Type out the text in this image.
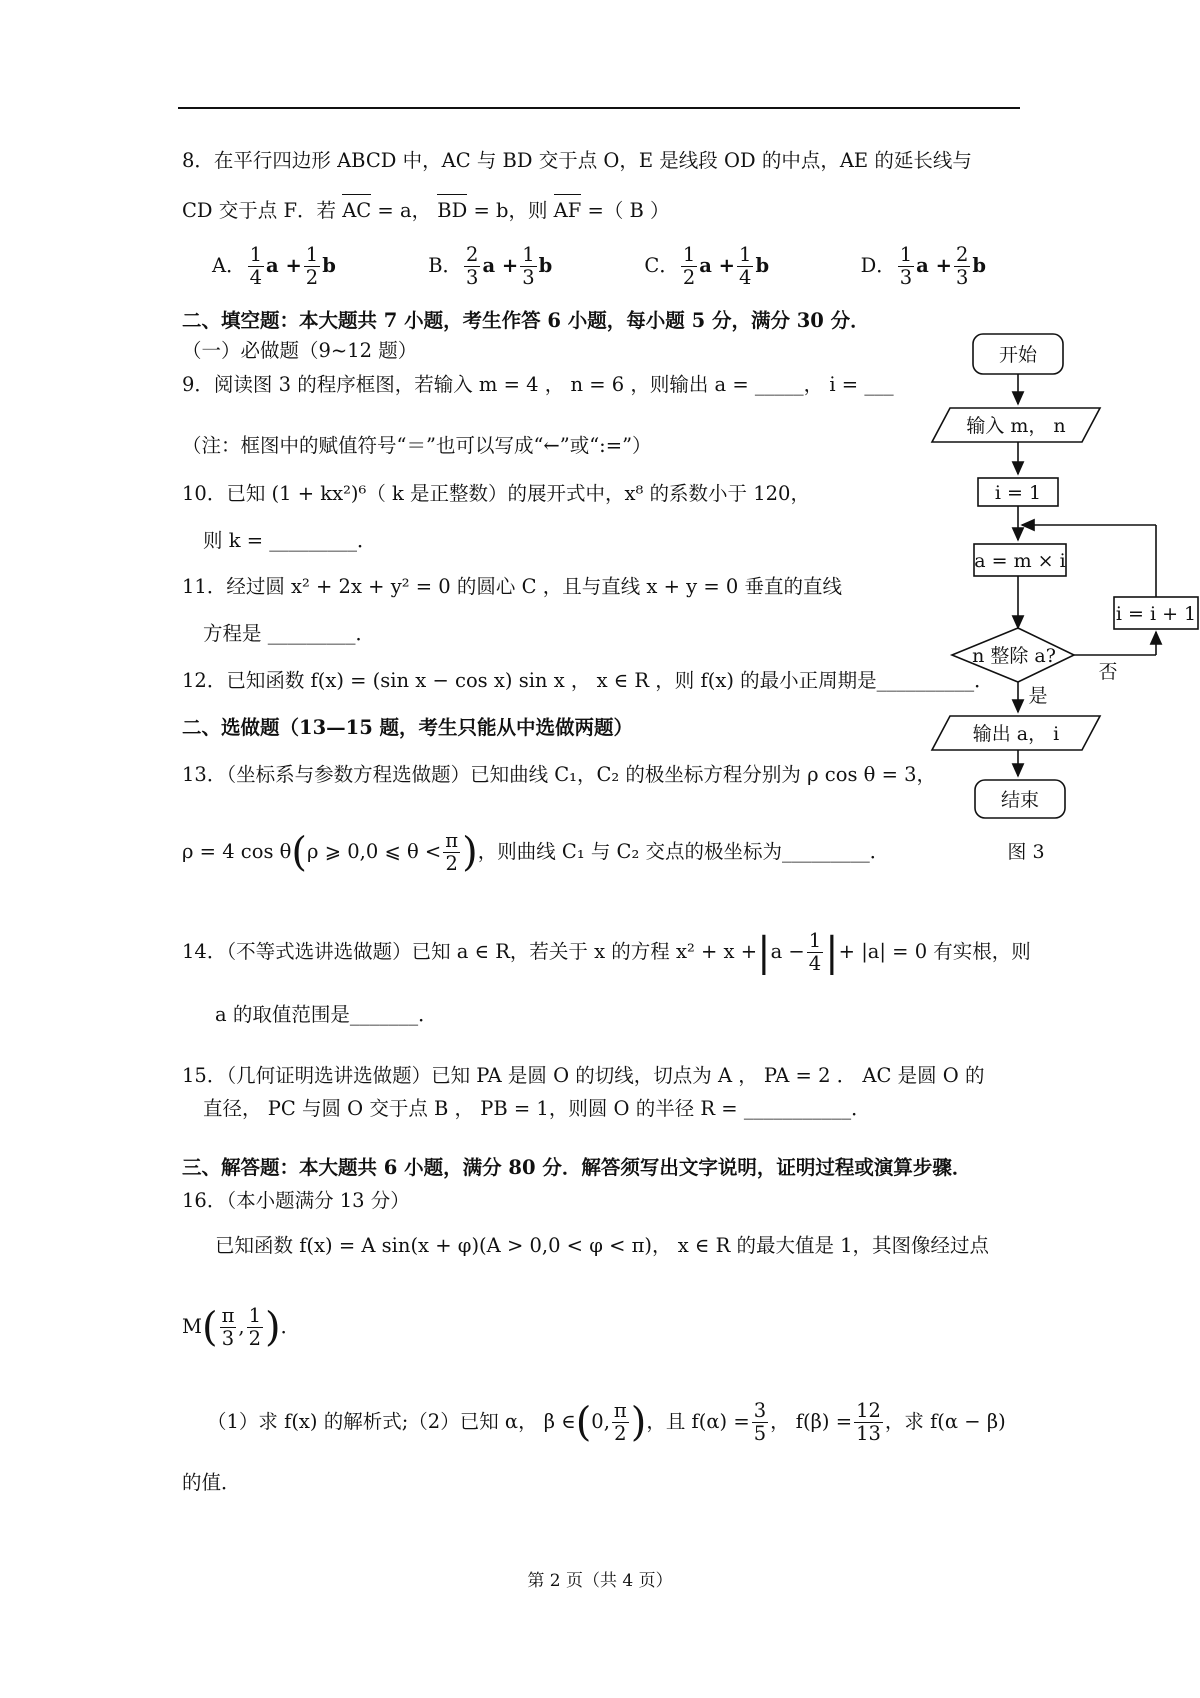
8．在平行四边形 ABCD 中，AC 与 BD 交于点 O，E 是线段 OD 的中点，AE 的延长线与
CD 交于点 F．若 AC = a， BD = b，则 AF =（ B ）
A． $\frac{1}{4}$ $a + \frac{1}{2}$ b	B． $\frac{2}{3}$ $a + \frac{1}{3}$ b	C． $\frac{1}{2}$ $a + \frac{1}{4}$ b	D． $\frac{1}{3}$ $a + \frac{2}{3}$ b
二、填空题：本大题共 7 小题，考生作答 6 小题，每小题 5 分，满分 30 分．
（一）必做题（9~12 题）
9．阅读图 3 的程序框图，若输入 m = 4 ， n = 6 ，则输出 a = _____， i = ___
（注：框图中的赋值符号“＝”也可以写成“←”或“:=”）
10．已知 (1 + kx²)⁶（ k 是正整数）的展开式中，x⁸ 的系数小于 120，
则 k = _________．
11．经过圆 x² + 2x + y² = 0 的圆心 C ，且与直线 x + y = 0 垂直的直线
方程是 _________．
12．已知函数 f(x) = (sin x − cos x) sin x ， x ∈ R ，则 f(x) 的最小正周期是__________．
二、选做题（13—15 题，考生只能从中选做两题）
13．（坐标系与参数方程选做题）已知曲线 C₁，C₂ 的极坐标方程分别为 ρ cos θ = 3，
ρ = 4 cos θ(ρ ⩾ 0,0 ⩽ $\theta < \frac{\pi}{2}$ )，则曲线 C₁ 与 C₂ 交点的极坐标为_________．
14．（不等式选讲选做题）已知 a ∈ R，若关于 x 的方程 $x^2 + x +|a - \frac{1}{4}$ |+ |a| = 0 有实根，则
a 的取值范围是_______．
15．（几何证明选讲选做题）已知 PA 是圆 O 的切线，切点为 A ， PA = 2 ． AC 是圆 O 的
直径， PC 与圆 O 交于点 B ， PB = 1，则圆 O 的半径 R = ___________．
三、解答题：本大题共 6 小题，满分 80 分．解答须写出文字说明，证明过程或演算步骤．
16．（本小题满分 13 分）
已知函数 f(x) = A sin(x + φ)(A > 0,0 < φ < π)， x ∈ R 的最大值是 1，其图像经过点
$M( \frac{\pi}{3}$ , $\frac{1}{2}$ )．
（1）求 f(x) 的解析式;（2）已知 α， β ∈(0, $\frac{\pi}{2}$ )，且 $f(\alpha) = \frac{3}{5}$ ， $f(\beta) = \frac{12}{13}$ ，求 f(α − β)
的值．
开始
输入 m， n
i = 1
a = m × i
n 整除 a?
i = i + 1
否
是
输出 a， i
结束
图 3
第 2 页（共 4 页）
